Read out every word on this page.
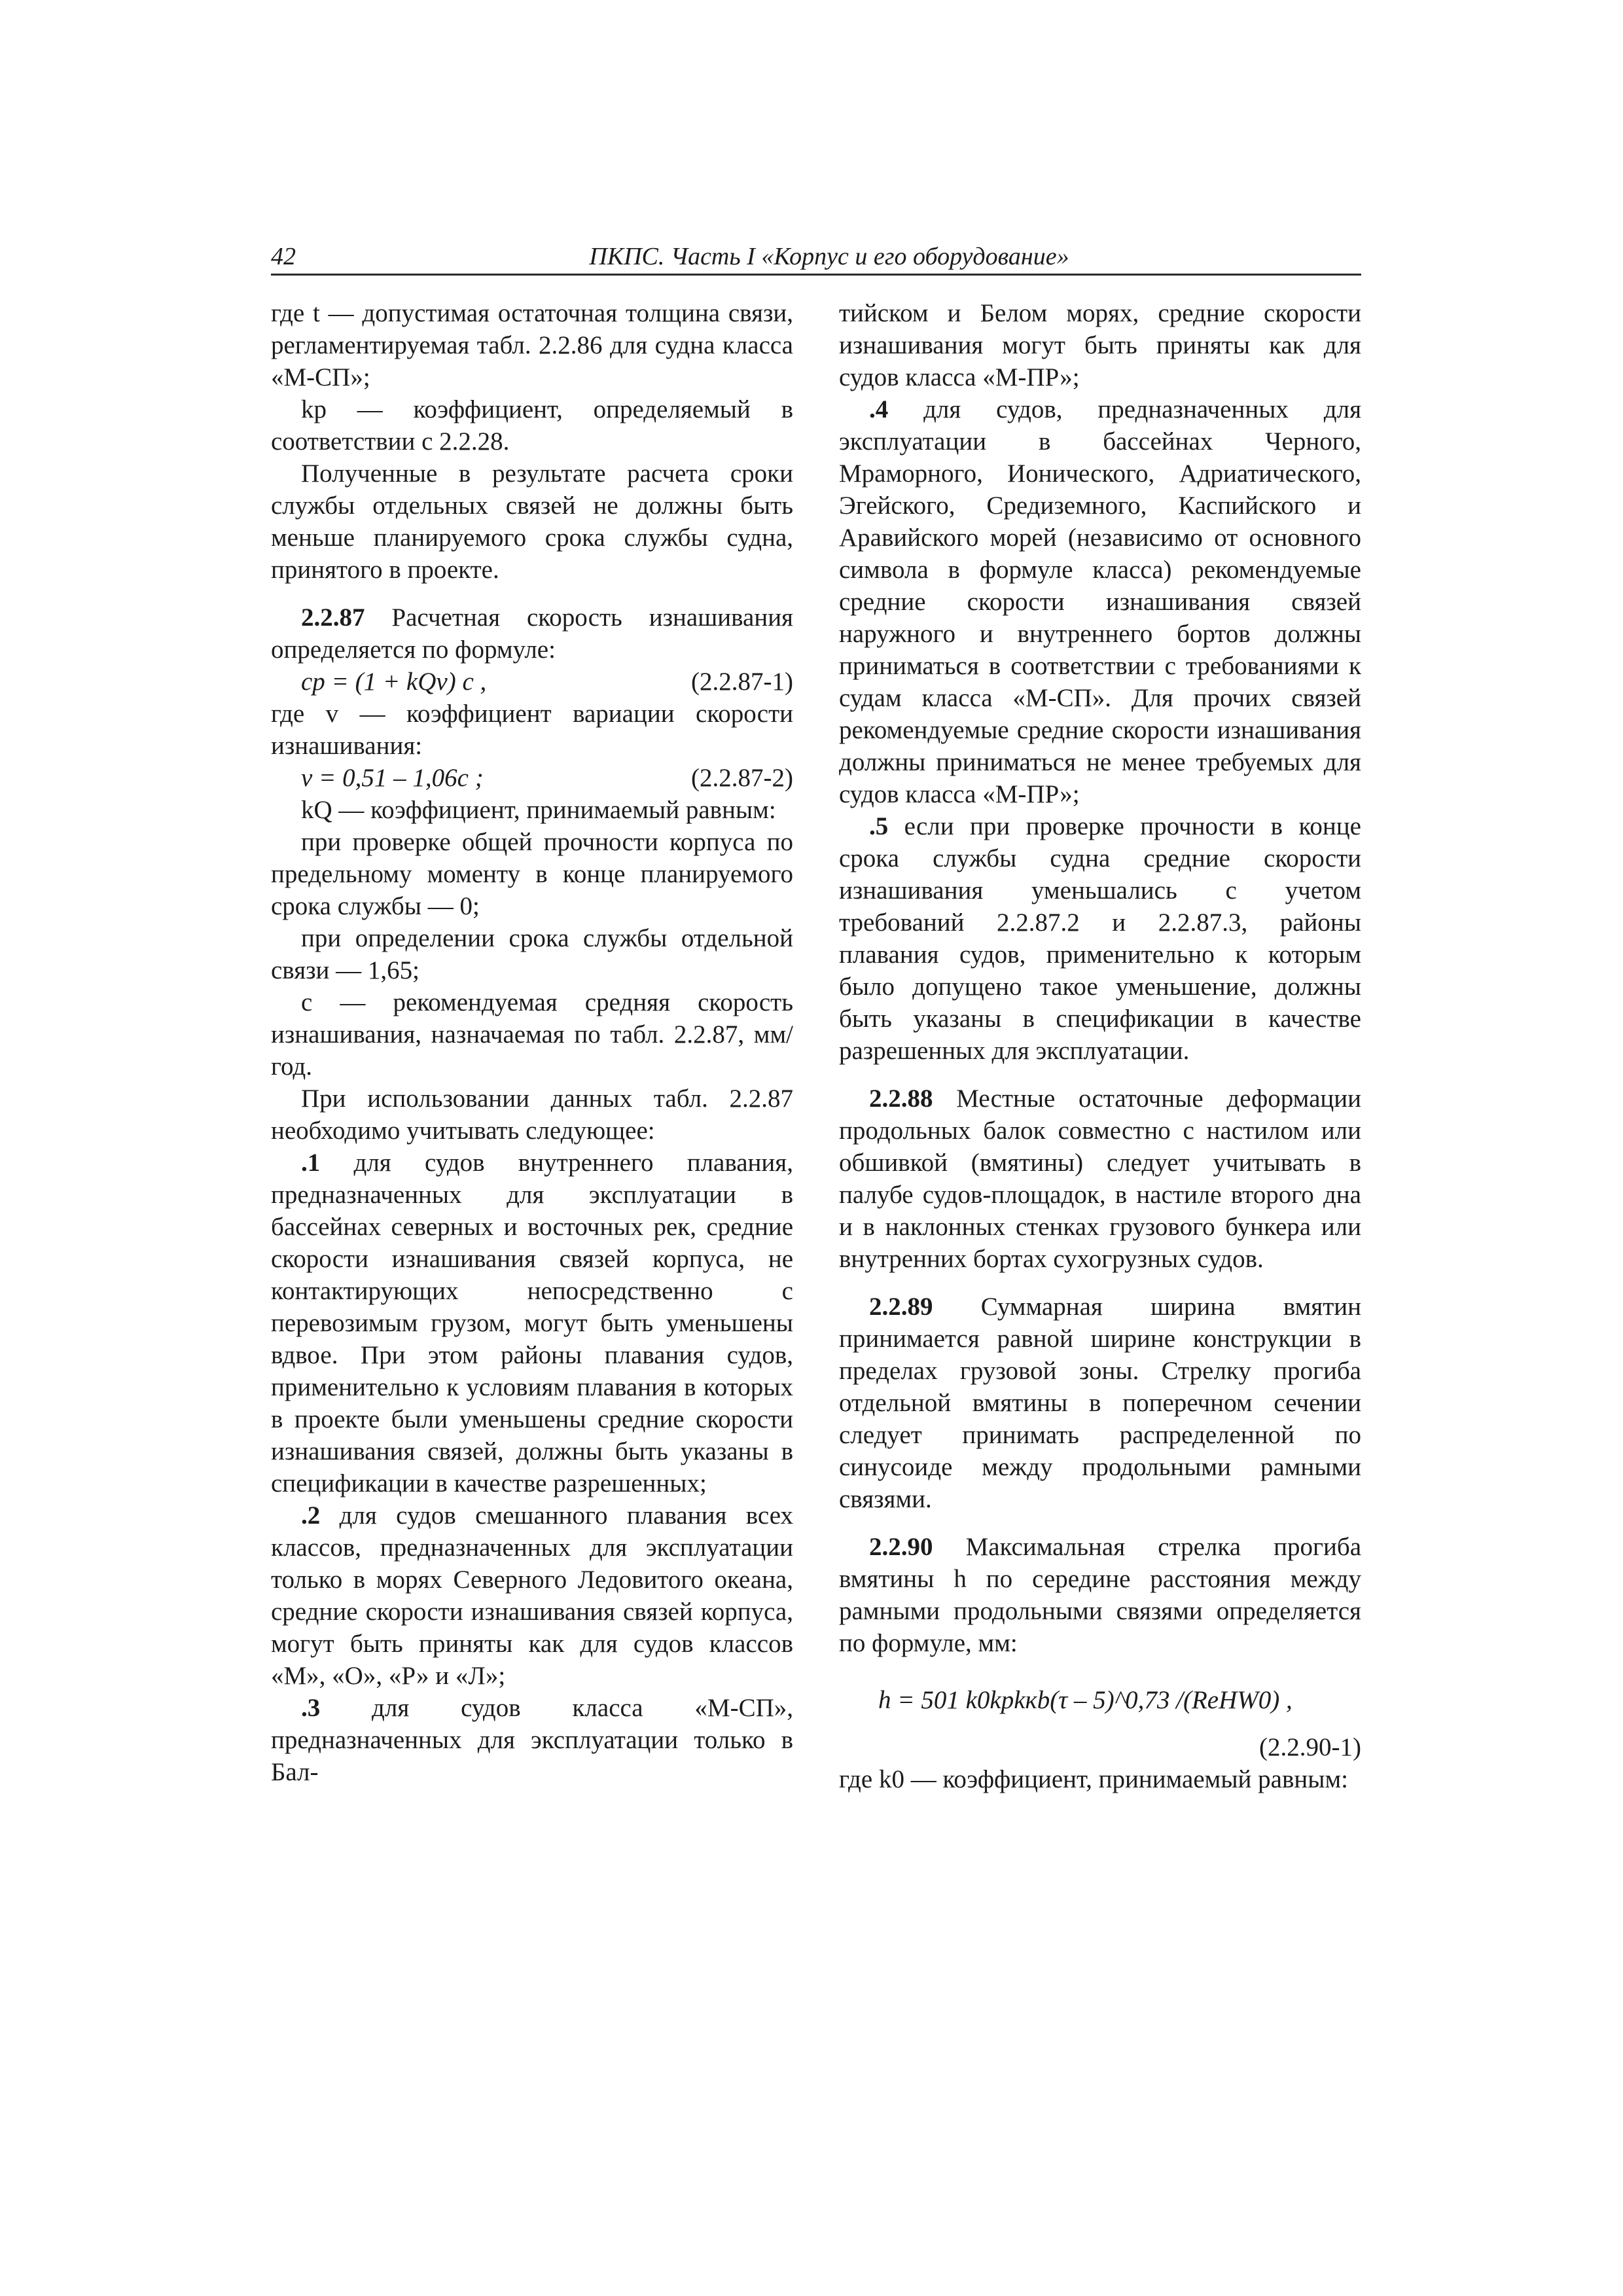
42	ПКПС. Часть I «Корпус и его оборудование»

где t — допустимая остаточная толщина связи, регламентируемая табл. 2.2.86 для судна класса «М-СП»;

kр — коэффициент, определяемый в соответствии с 2.2.28.

Полученные в результате расчета сроки службы отдельных связей не должны быть меньше планируемого срока службы судна, принятого в проекте.

2.2.87 Расчетная скорость изнашивания определяется по формуле:

cр = (1 + kQv) c ,	(2.2.87-1)

где v — коэффициент вариации скорости изнашивания:

v = 0,51 – 1,06c ;	(2.2.87-2)

kQ — коэффициент, принимаемый равным:

при проверке общей прочности корпуса по предельному моменту в конце планируемого срока службы — 0;

при определении срока службы отдельной связи — 1,65;

c — рекомендуемая средняя скорость изнашивания, назначаемая по табл. 2.2.87, мм/год.

При использовании данных табл. 2.2.87 необходимо учитывать следующее:

.1 для судов внутреннего плавания, предназначенных для эксплуатации в бассейнах северных и восточных рек, средние скорости изнашивания связей корпуса, не контактирующих непосредственно с перевозимым грузом, могут быть уменьшены вдвое. При этом районы плавания судов, применительно к условиям плавания в которых в проекте были уменьшены средние скорости изнашивания связей, должны быть указаны в спецификации в качестве разрешенных;

.2 для судов смешанного плавания всех классов, предназначенных для эксплуатации только в морях Северного Ледовитого океана, средние скорости изнашивания связей корпуса, могут быть приняты как для судов классов «М», «О», «Р» и «Л»;

.3 для судов класса «М-СП», предназначенных для эксплуатации только в Бал-

тийском и Белом морях, средние скорости изнашивания могут быть приняты как для судов класса «М-ПР»;

.4 для судов, предназначенных для эксплуатации в бассейнах Черного, Мраморного, Ионического, Адриатического, Эгейского, Средиземного, Каспийского и Аравийского морей (независимо от основного символа в формуле класса) рекомендуемые средние скорости изнашивания связей наружного и внутреннего бортов должны приниматься в соответствии с требованиями к судам класса «М-СП». Для прочих связей рекомендуемые средние скорости изнашивания должны приниматься не менее требуемых для судов класса «М-ПР»;

.5 если при проверке прочности в конце срока службы судна средние скорости изнашивания уменьшались с учетом требований 2.2.87.2 и 2.2.87.3, районы плавания судов, применительно к которым было допущено такое уменьшение, должны быть указаны в спецификации в качестве разрешенных для эксплуатации.

2.2.88 Местные остаточные деформации продольных балок совместно с настилом или обшивкой (вмятины) следует учитывать в палубе судов-площадок, в настиле второго дна и в наклонных стенках грузового бункера или внутренних бортах сухогрузных судов.

2.2.89 Суммарная ширина вмятин принимается равной ширине конструкции в пределах грузовой зоны. Стрелку прогиба отдельной вмятины в поперечном сечении следует принимать распределенной по синусоиде между продольными рамными связями.

2.2.90 Максимальная стрелка прогиба вмятины h по середине расстояния между рамными продольными связями определяется по формуле, мм:

h = 501 k0kрkкb(τ – 5)^0,73 /(ReHW0) ,
(2.2.90-1)

где k0 — коэффициент, принимаемый равным:
